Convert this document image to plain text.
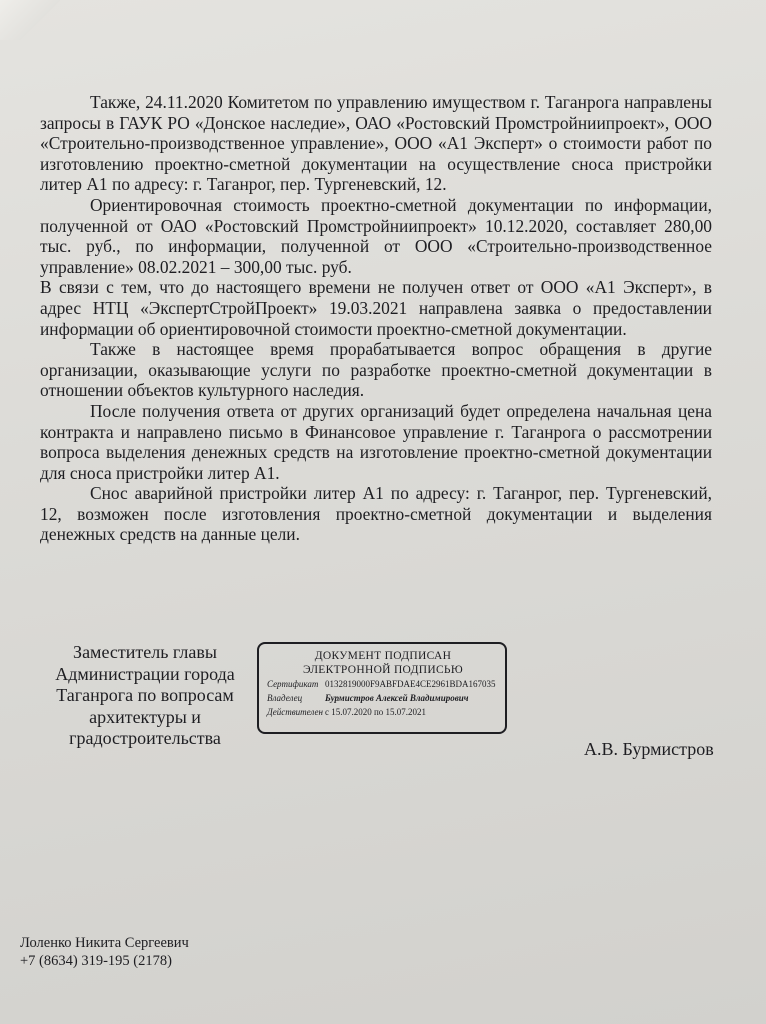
Также, 24.11.2020 Комитетом по управлению имуществом г. Таганрога направлены запросы в ГАУК РО «Донское наследие», ОАО «Ростовский Промстройниипроект», ООО «Строительно-производственное управление», ООО «А1 Эксперт» о стоимости работ по изготовлению проектно-сметной документации на осуществление сноса пристройки литер А1 по адресу: г. Таганрог, пер. Тургеневский, 12.

Ориентировочная стоимость проектно-сметной документации по информации, полученной от ОАО «Ростовский Промстройниипроект» 10.12.2020, составляет 280,00 тыс. руб., по информации, полученной от ООО «Строительно-производственное управление» 08.02.2021 – 300,00 тыс. руб.

В связи с тем, что до настоящего времени не получен ответ от ООО «А1 Эксперт», в адрес НТЦ «ЭкспертСтройПроект» 19.03.2021 направлена заявка о предоставлении информации об ориентировочной стоимости проектно-сметной документации.

Также в настоящее время прорабатывается вопрос обращения в другие организации, оказывающие услуги по разработке проектно-сметной документации в отношении объектов культурного наследия.

После получения ответа от других организаций будет определена начальная цена контракта и направлено письмо в Финансовое управление г. Таганрога о рассмотрении вопроса выделения денежных средств на изготовление проектно-сметной документации для сноса пристройки литер А1.

Снос аварийной пристройки литер А1 по адресу: г. Таганрог, пер. Тургеневский, 12, возможен после изготовления проектно-сметной документации и выделения денежных средств на данные цели.

Заместитель главы
Администрации города
Таганрога по вопросам
архитектуры и
градостроительства
ДОКУМЕНТ ПОДПИСАН
ЭЛЕКТРОННОЙ ПОДПИСЬЮ
Сертификат 0132819000F9ABFDAE4CE2961BDA167035
Владелец	Бурмистров Алексей Владимирович
Действителен с 15.07.2020 по 15.07.2021
А.В. Бурмистров
Лоленко Никита Сергеевич
+7 (8634) 319-195 (2178)
